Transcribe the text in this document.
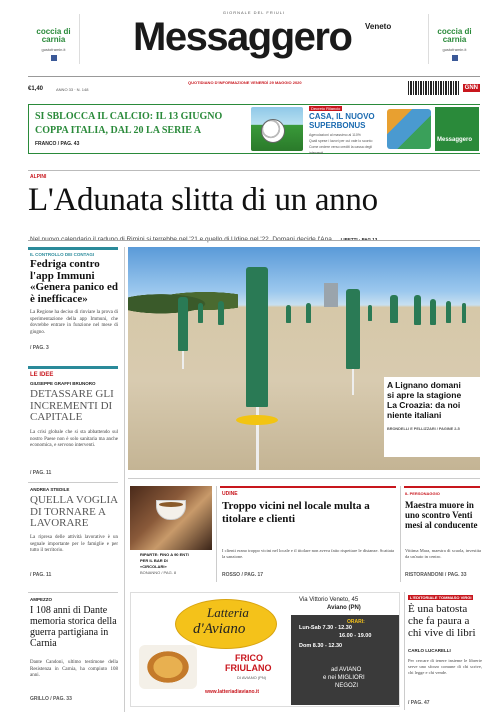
coccia di carnia
gustoframin.it
GIORNALE DEL FRIULI
Messaggero Veneto
coccia di carnia
gustoframin.it
€1,40	ANNO 33 · N. 148
QUOTIDIANO D'INFORMAZIONE VENERDÌ 29 MAGGIO 2020
GNN
SI SBLOCCA IL CALCIO: IL 13 GIUGNO
COPPA ITALIA, DAL 20 LA SERIE A
FRANCO / PAG. 43
Decreto Rilancio
CASA, IL NUOVO
SUPERBONUS
Agevolazioni al massimo al 110%
Quali spese i lavori per cui vale lo sconto
Come cedere verso crediti la cassa degli interventi
Messaggero
ALPINI
L'Adunata slitta di un anno
IL CONTROLLO DEI CONTAGI
Fedriga contro l'app Immuni «Genera panico ed è inefficace»
La Regione ha deciso di rinviare la prova di sperimentazione della app Immuni, che dovrebbe entrare in funzione nel mese di giugno.
/ PAG. 3
LE IDEE
GIUSEPPE GRAFFI BRUNORO
DETASSARE GLI INCREMENTI DI CAPITALE
La crisi globale che si sta abbattendo sul nostro Paese non è solo sanitaria ma anche economica, e servono interventi.
/ PAG. 11
ANDREA STEDILE
QUELLA VOGLIA DI TORNARE A LAVORARE
La ripresa delle attività lavorative è un segnale importante per le famiglie e per tutto il territorio.
/ PAG. 11
AMPEZZO
I 108 anni di Dante memoria storica della guerra partigiana in Carnia
Dante Candoni, ultimo testimone della Resistenza in Carnia, ha compiuto 108 anni.
GRILLO / PAG. 33
A Lignano domani
si apre la stagione
La Croazia: da noi
niente italiani
BRONDELLI E PELLIZZARI / PAGINE 2-5
RIPARTE: FINO A 90 ENTI
PER IL BAR DI
«CIRCOLARI»
BONANNO / PAG. 8
UDINE
Troppo vicini nel locale multa a titolare e clienti
I clienti erano troppo vicini nel locale e il titolare non aveva fatto rispettare le distanze. Scattata la sanzione.
ROSSO / PAG. 17
IL PERSONAGGIO
Maestra muore in uno scontro Venti mesi al conducente
Vittima Mara, maestra di scuola, investita da un'auto in centro.
RISTORANDONI / PAG. 33
Latteria
d'Aviano
FRICO
FRIULANO
DI AVIANO (PN)
www.latteriadiaviano.it
Via Vittorio Veneto, 45
Aviano (PN)
ORARI:
Lun-Sab 7.30 - 12.30
16.00 - 19.00
Dom 8.30 - 12.30
ad AVIANO
e nei MIGLIORI
NEGOZI
L'EDITORIALE TOMMASO VIRGI
È una batosta che fa paura a chi vive di libri
CARLO LUCARELLI
Per cercare di tenere insieme le librerie serve uno sforzo comune di chi scrive, chi legge e chi vende.
/ PAG. 47
